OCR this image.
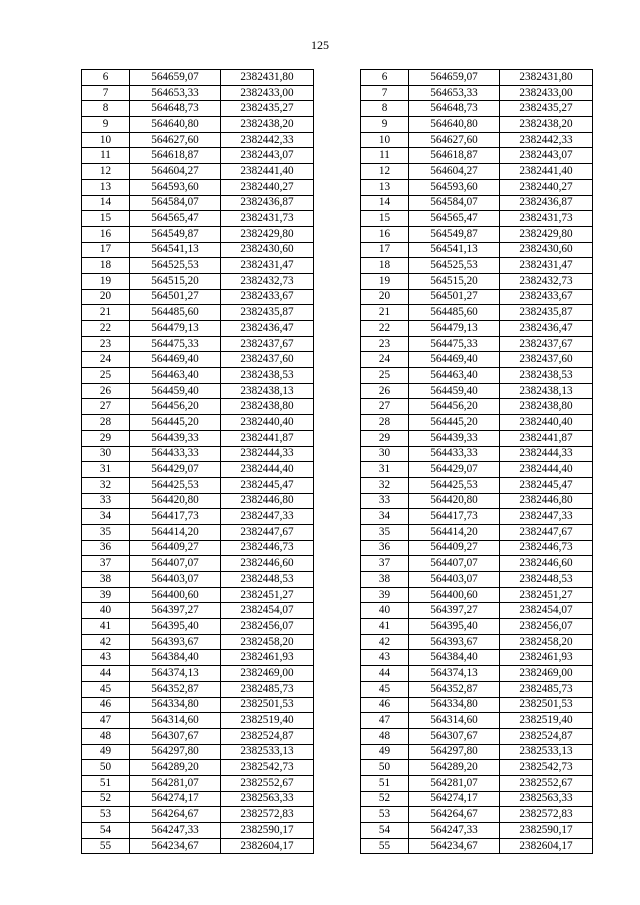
125
6	564659,07	2382431,80		6	564659,07	2382431,80
7	564653,33	2382433,00		7	564653,33	2382433,00
8	564648,73	2382435,27		8	564648,73	2382435,27
9	564640,80	2382438,20		9	564640,80	2382438,20
10	564627,60	2382442,33		10	564627,60	2382442,33
11	564618,87	2382443,07		11	564618,87	2382443,07
12	564604,27	2382441,40		12	564604,27	2382441,40
13	564593,60	2382440,27		13	564593,60	2382440,27
14	564584,07	2382436,87		14	564584,07	2382436,87
15	564565,47	2382431,73		15	564565,47	2382431,73
16	564549,87	2382429,80		16	564549,87	2382429,80
17	564541,13	2382430,60		17	564541,13	2382430,60
18	564525,53	2382431,47		18	564525,53	2382431,47
19	564515,20	2382432,73		19	564515,20	2382432,73
20	564501,27	2382433,67		20	564501,27	2382433,67
21	564485,60	2382435,87		21	564485,60	2382435,87
22	564479,13	2382436,47		22	564479,13	2382436,47
23	564475,33	2382437,67		23	564475,33	2382437,67
24	564469,40	2382437,60		24	564469,40	2382437,60
25	564463,40	2382438,53		25	564463,40	2382438,53
26	564459,40	2382438,13		26	564459,40	2382438,13
27	564456,20	2382438,80		27	564456,20	2382438,80
28	564445,20	2382440,40		28	564445,20	2382440,40
29	564439,33	2382441,87		29	564439,33	2382441,87
30	564433,33	2382444,33		30	564433,33	2382444,33
31	564429,07	2382444,40		31	564429,07	2382444,40
32	564425,53	2382445,47		32	564425,53	2382445,47
33	564420,80	2382446,80		33	564420,80	2382446,80
34	564417,73	2382447,33		34	564417,73	2382447,33
35	564414,20	2382447,67		35	564414,20	2382447,67
36	564409,27	2382446,73		36	564409,27	2382446,73
37	564407,07	2382446,60		37	564407,07	2382446,60
38	564403,07	2382448,53		38	564403,07	2382448,53
39	564400,60	2382451,27		39	564400,60	2382451,27
40	564397,27	2382454,07		40	564397,27	2382454,07
41	564395,40	2382456,07		41	564395,40	2382456,07
42	564393,67	2382458,20		42	564393,67	2382458,20
43	564384,40	2382461,93		43	564384,40	2382461,93
44	564374,13	2382469,00		44	564374,13	2382469,00
45	564352,87	2382485,73		45	564352,87	2382485,73
46	564334,80	2382501,53		46	564334,80	2382501,53
47	564314,60	2382519,40		47	564314,60	2382519,40
48	564307,67	2382524,87		48	564307,67	2382524,87
49	564297,80	2382533,13		49	564297,80	2382533,13
50	564289,20	2382542,73		50	564289,20	2382542,73
51	564281,07	2382552,67		51	564281,07	2382552,67
52	564274,17	2382563,33		52	564274,17	2382563,33
53	564264,67	2382572,83		53	564264,67	2382572,83
54	564247,33	2382590,17		54	564247,33	2382590,17
55	564234,67	2382604,17		55	564234,67	2382604,17
